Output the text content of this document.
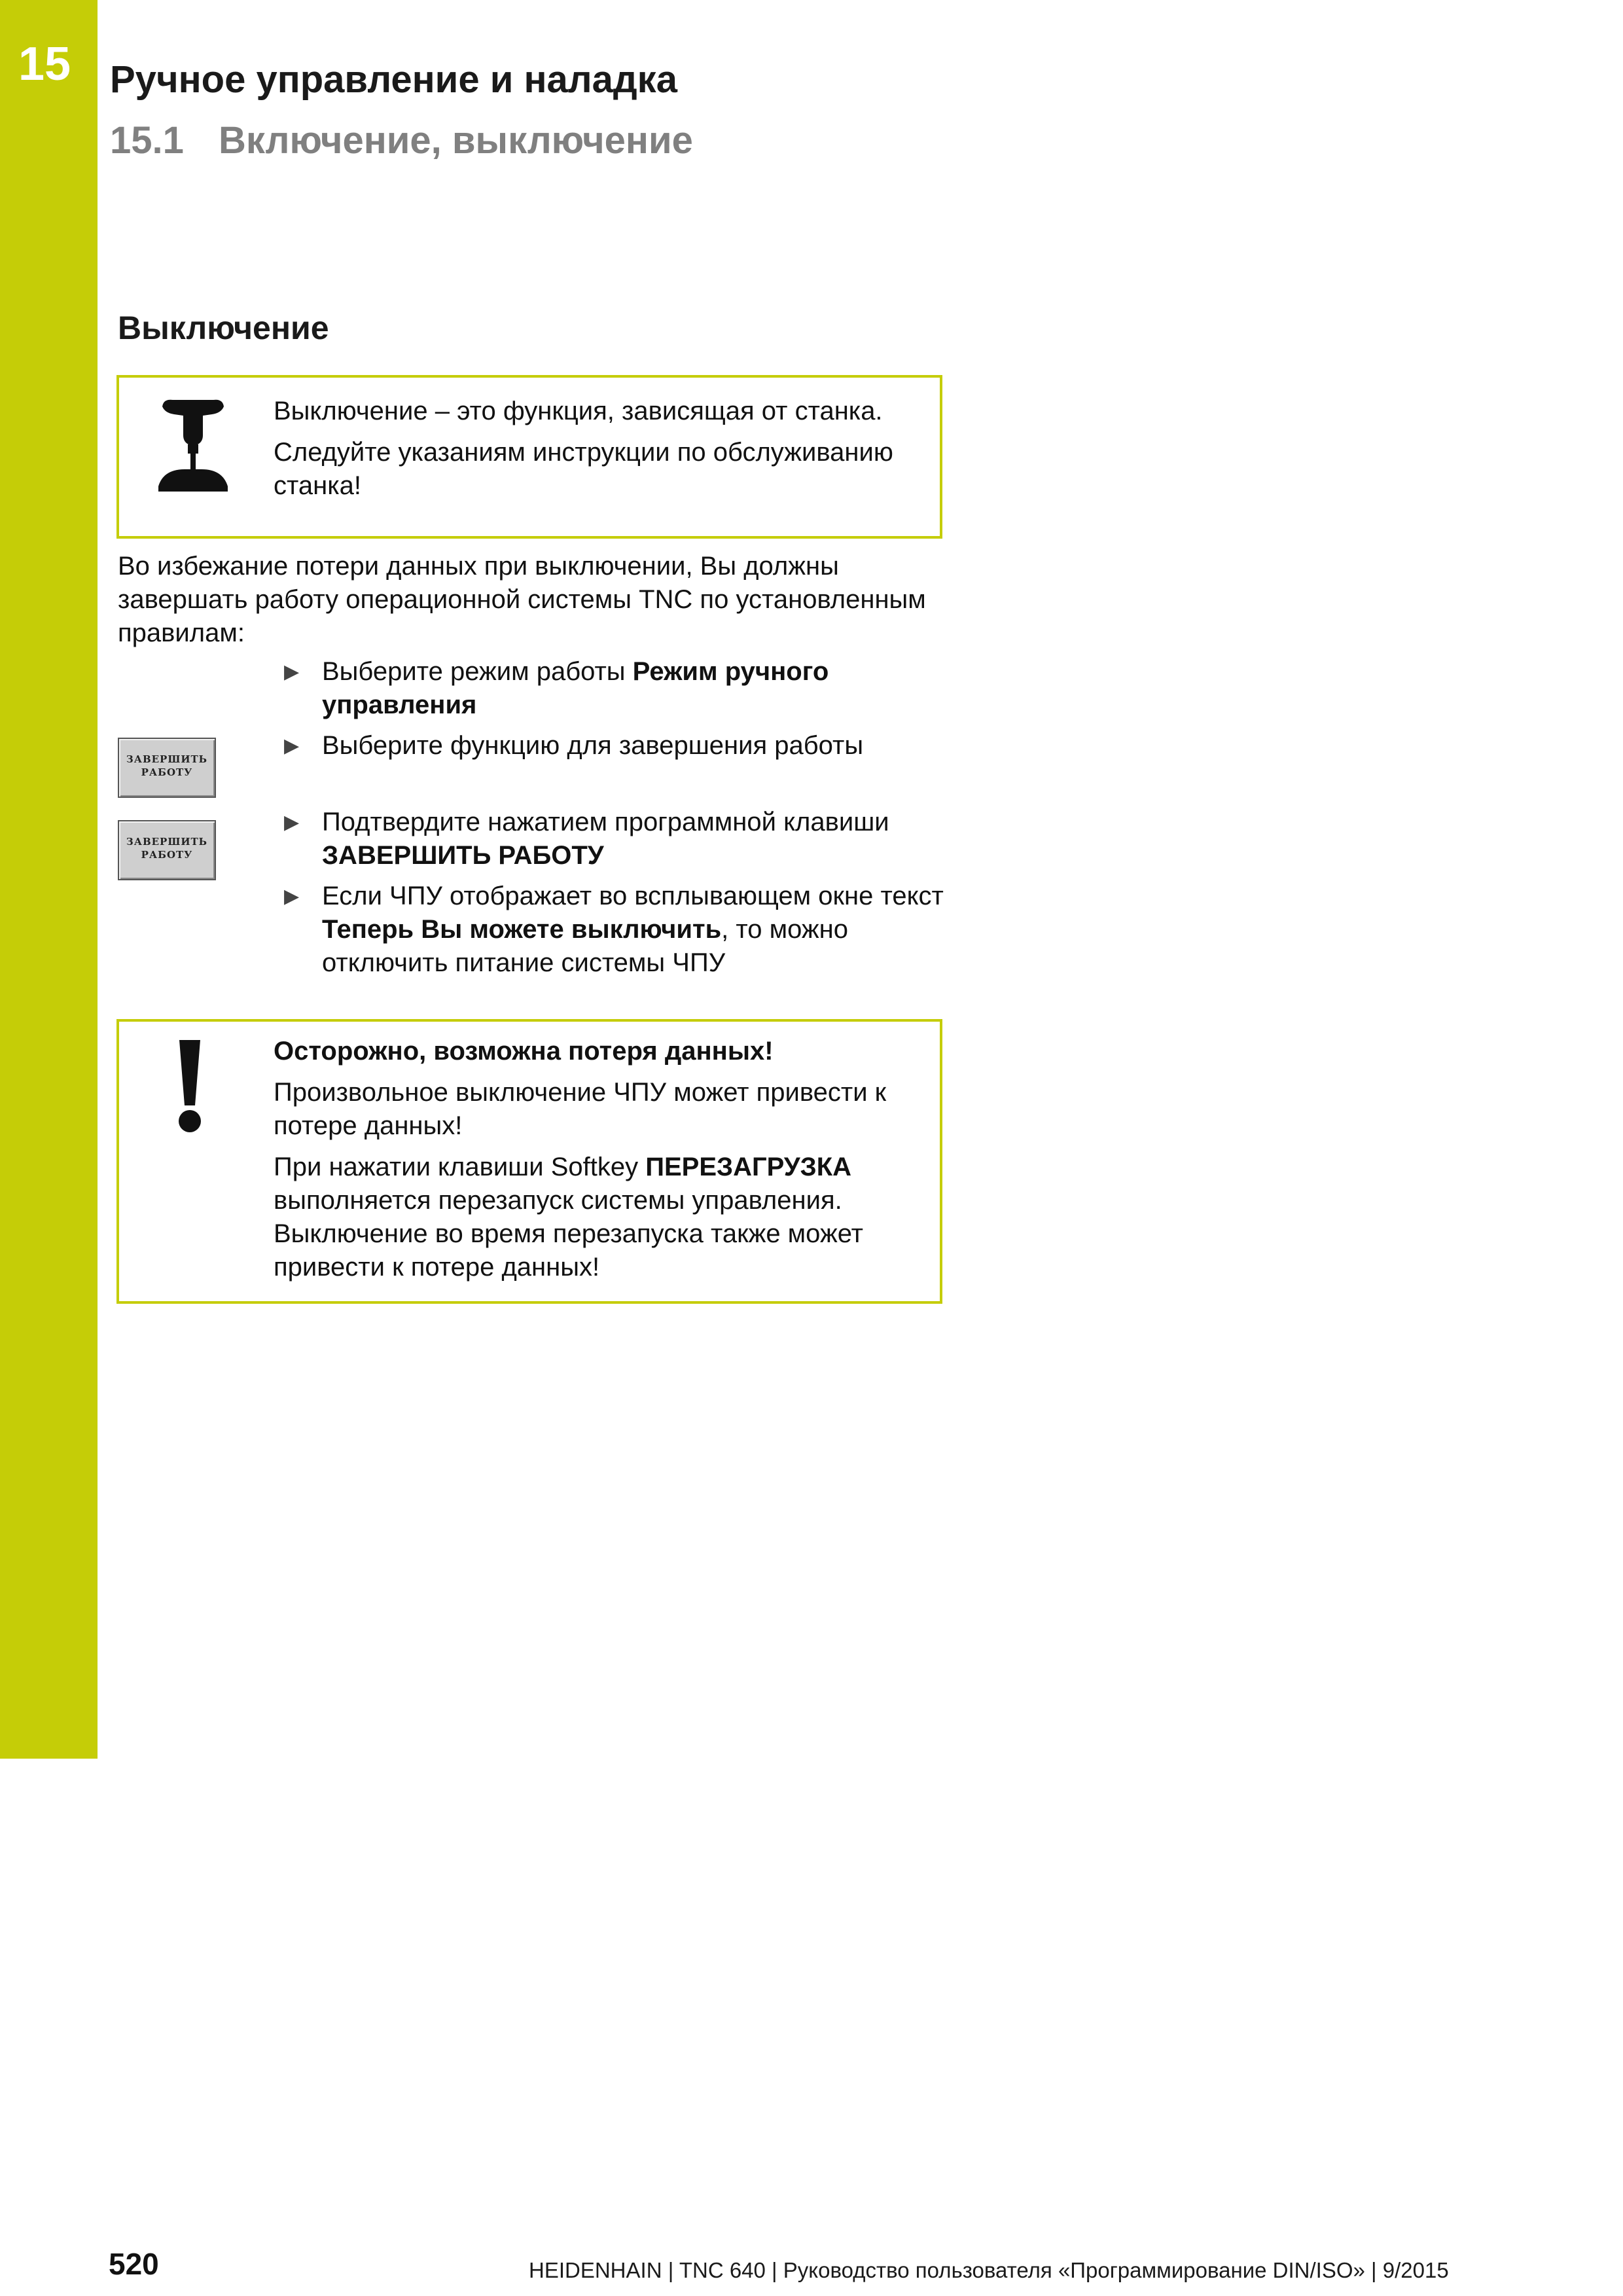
15 Ручное управление и наладка
15.1 Включение, выключение
Выключение

Выключение – это функция, зависящая от станка.

Следуйте указаниям инструкции по обслуживанию станка!

Во избежание потери данных при выключении, Вы должны завершать работу операционной системы TNC по установленным правилам:

▶ Выберите режим работы Режим ручного управления
▶ Выберите функцию для завершения работы
▶ Подтвердите нажатием программной клавиши ЗАВЕРШИТЬ РАБОТУ
▶ Если ЧПУ отображает во всплывающем окне текст Теперь Вы можете выключить, то можно отключить питание системы ЧПУ
ЗАВЕРШИТЬ
РАБОТУ
ЗАВЕРШИТЬ
РАБОТУ

Осторожно, возможна потеря данных!

Произвольное выключение ЧПУ может привести к потере данных!

При нажатии клавиши Softkey ПЕРЕЗАГРУЗКА выполняется перезапуск системы управления. Выключение во время перезапуска также может привести к потере данных!

520	HEIDENHAIN | TNC 640 | Руководство пользователя «Программирование DIN/ISO» | 9/2015
